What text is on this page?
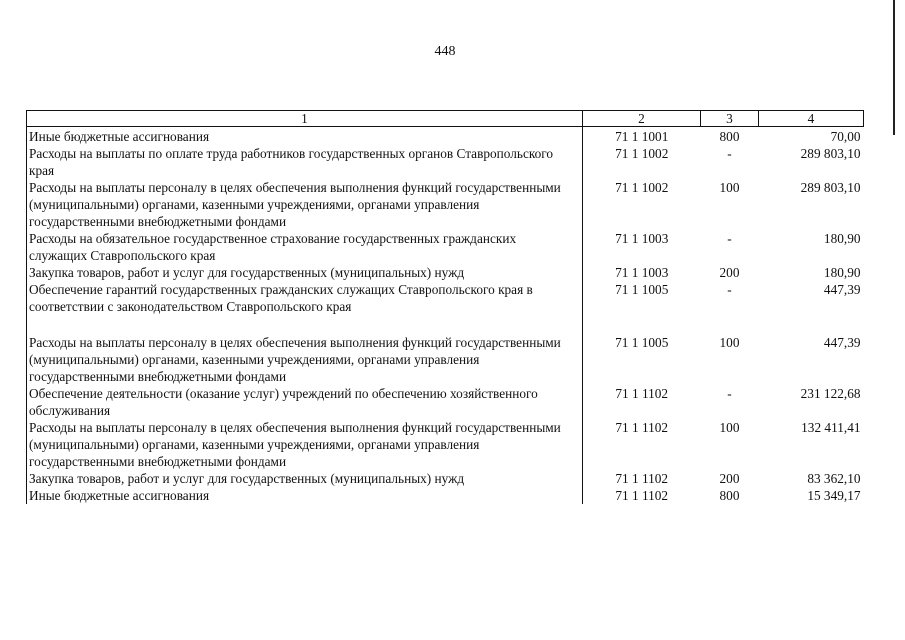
448
1	2	3	4
Иные бюджетные ассигнования	71 1 1001	800	70,00
Расходы на выплаты по оплате труда работников государственных органов Ставропольского края	71 1 1002	-	289 803,10
Расходы на выплаты персоналу в целях обеспечения выполнения функций государственными (муниципальными) органами, казенными учреждениями, органами управления государственными внебюджетными фондами	71 1 1002	100	289 803,10
Расходы на обязательное государственное страхование государственных гражданских служащих Ставропольского края	71 1 1003	-	180,90
Закупка товаров, работ и услуг для государственных (муниципальных) нужд	71 1 1003	200	180,90
Обеспечение гарантий государственных гражданских служащих Ставропольского края в соответствии с законодательством Ставропольского края	71 1 1005	-	447,39

Расходы на выплаты персоналу в целях обеспечения выполнения функций государственными (муниципальными) органами, казенными учреждениями, органами управления государственными внебюджетными фондами	71 1 1005	100	447,39
Обеспечение деятельности (оказание услуг) учреждений по обеспечению хозяйственного обслуживания	71 1 1102	-	231 122,68
Расходы на выплаты персоналу в целях обеспечения выполнения функций государственными (муниципальными) органами, казенными учреждениями, органами управления государственными внебюджетными фондами	71 1 1102	100	132 411,41
Закупка товаров, работ и услуг для государственных (муниципальных) нужд	71 1 1102	200	83 362,10
Иные бюджетные ассигнования	71 1 1102	800	15 349,17
